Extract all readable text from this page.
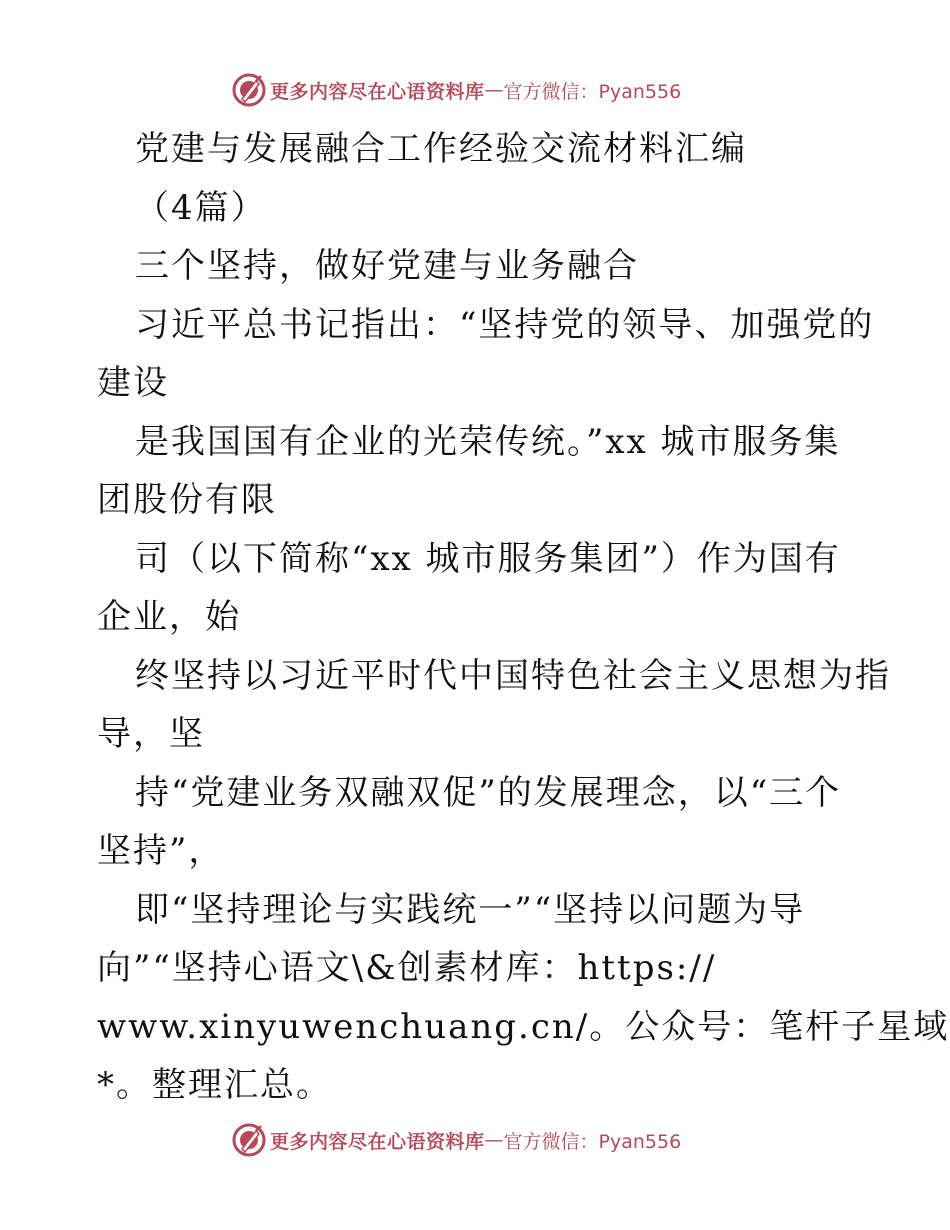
更多内容尽在心语资料库 — 官方微信：Pyan556
党建与发展融合工作经验交流材料汇编
（4篇）
三个坚持，做好党建与业务融合
习近平总书记指出：“坚持党的领导、加强党的
建设
是我国国有企业的光荣传统。”xx 城市服务集
团股份有限
司（以下简称“xx 城市服务集团”）作为国有
企业，始
终坚持以习近平时代中国特色社会主义思想为指
导，坚
持“党建业务双融双促”的发展理念，以“三个
坚持”，
即“坚持理论与实践统一”“坚持以问题为导
向”“坚持心语文\&创素材库：https://
www.xinyuwenchuang.cn/。公众号：笔杆子星域
*。整理汇总。
更多内容尽在心语资料库 — 官方微信：Pyan556
